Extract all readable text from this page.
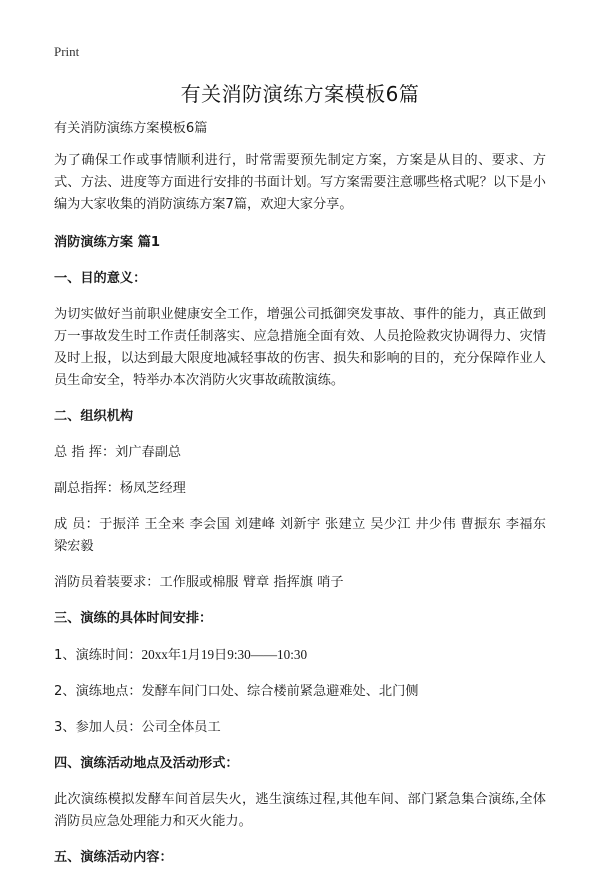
Print
有关消防演练方案模板6篇

有关消防演练方案模板6篇

为了确保工作或事情顺利进行，时常需要预先制定方案，方案是从目的、要求、方式、方法、进度等方面进行安排的书面计划。写方案需要注意哪些格式呢？以下是小编为大家收集的消防演练方案7篇，欢迎大家分享。

消防演练方案 篇1

一、目的意义：

为切实做好当前职业健康安全工作，增强公司抵御突发事故、事件的能力，真正做到万一事故发生时工作责任制落实、应急措施全面有效、人员抢险救灾协调得力、灾情及时上报，以达到最大限度地减轻事故的伤害、损失和影响的目的，充分保障作业人员生命安全，特举办本次消防火灾事故疏散演练。

二、组织机构

总 指 挥：刘广春副总

副总指挥：杨凤芝经理

成 员：于振洋 王全来 李会国 刘建峰 刘新宇 张建立 吴少江 井少伟 曹振东 李福东 梁宏毅

消防员着装要求：工作服或棉服 臂章 指挥旗 哨子

三、演练的具体时间安排：

1、演练时间：20xx年1月19日9:30——10:30

2、演练地点：发酵车间门口处、综合楼前紧急避难处、北门侧

3、参加人员：公司全体员工

四、演练活动地点及活动形式：

此次演练模拟发酵车间首层失火，逃生演练过程,其他车间、部门紧急集合演练,全体消防员应急处理能力和灭火能力。

五、演练活动内容：
